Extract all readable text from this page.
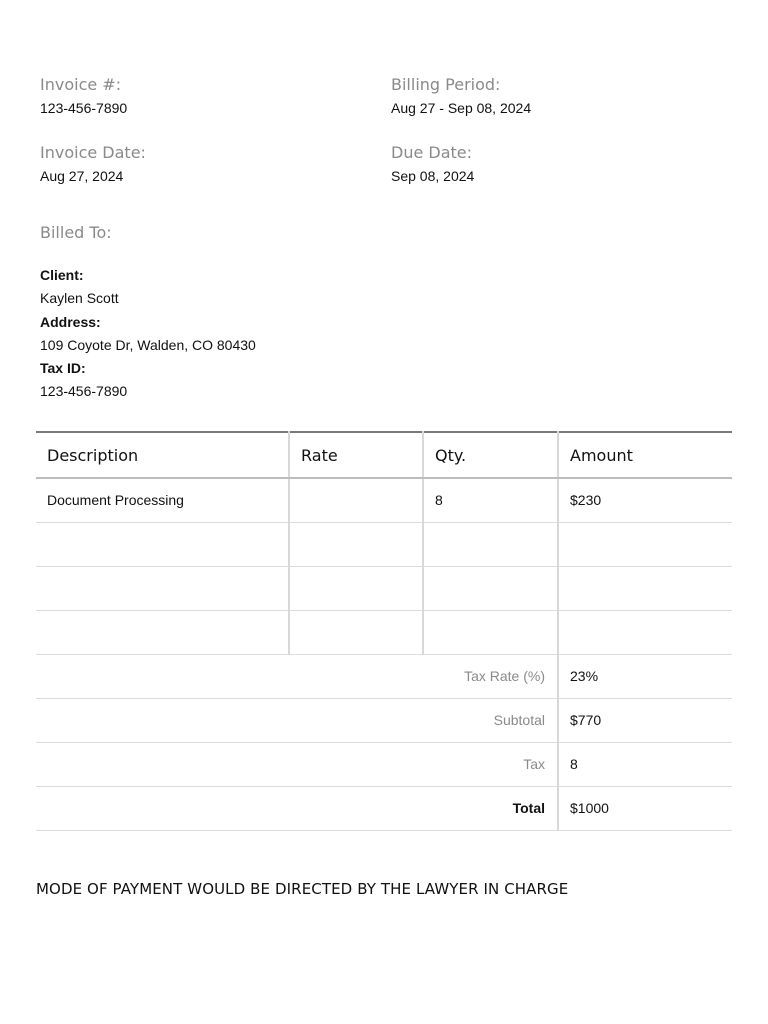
Invoice #:
123-456-7890
Billing Period:
Aug 27 - Sep 08, 2024
Invoice Date:
Aug 27, 2024
Due Date:
Sep 08, 2024
Billed To:
Client:
Kaylen Scott
Address:
109 Coyote Dr, Walden, CO 80430
Tax ID:
123-456-7890
Description	Rate	Qty.	Amount
Document Processing		8	$230

Tax Rate (%)			23%
Subtotal			$770
Tax			8
Total			$1000
MODE OF PAYMENT WOULD BE DIRECTED BY THE LAWYER IN CHARGE
